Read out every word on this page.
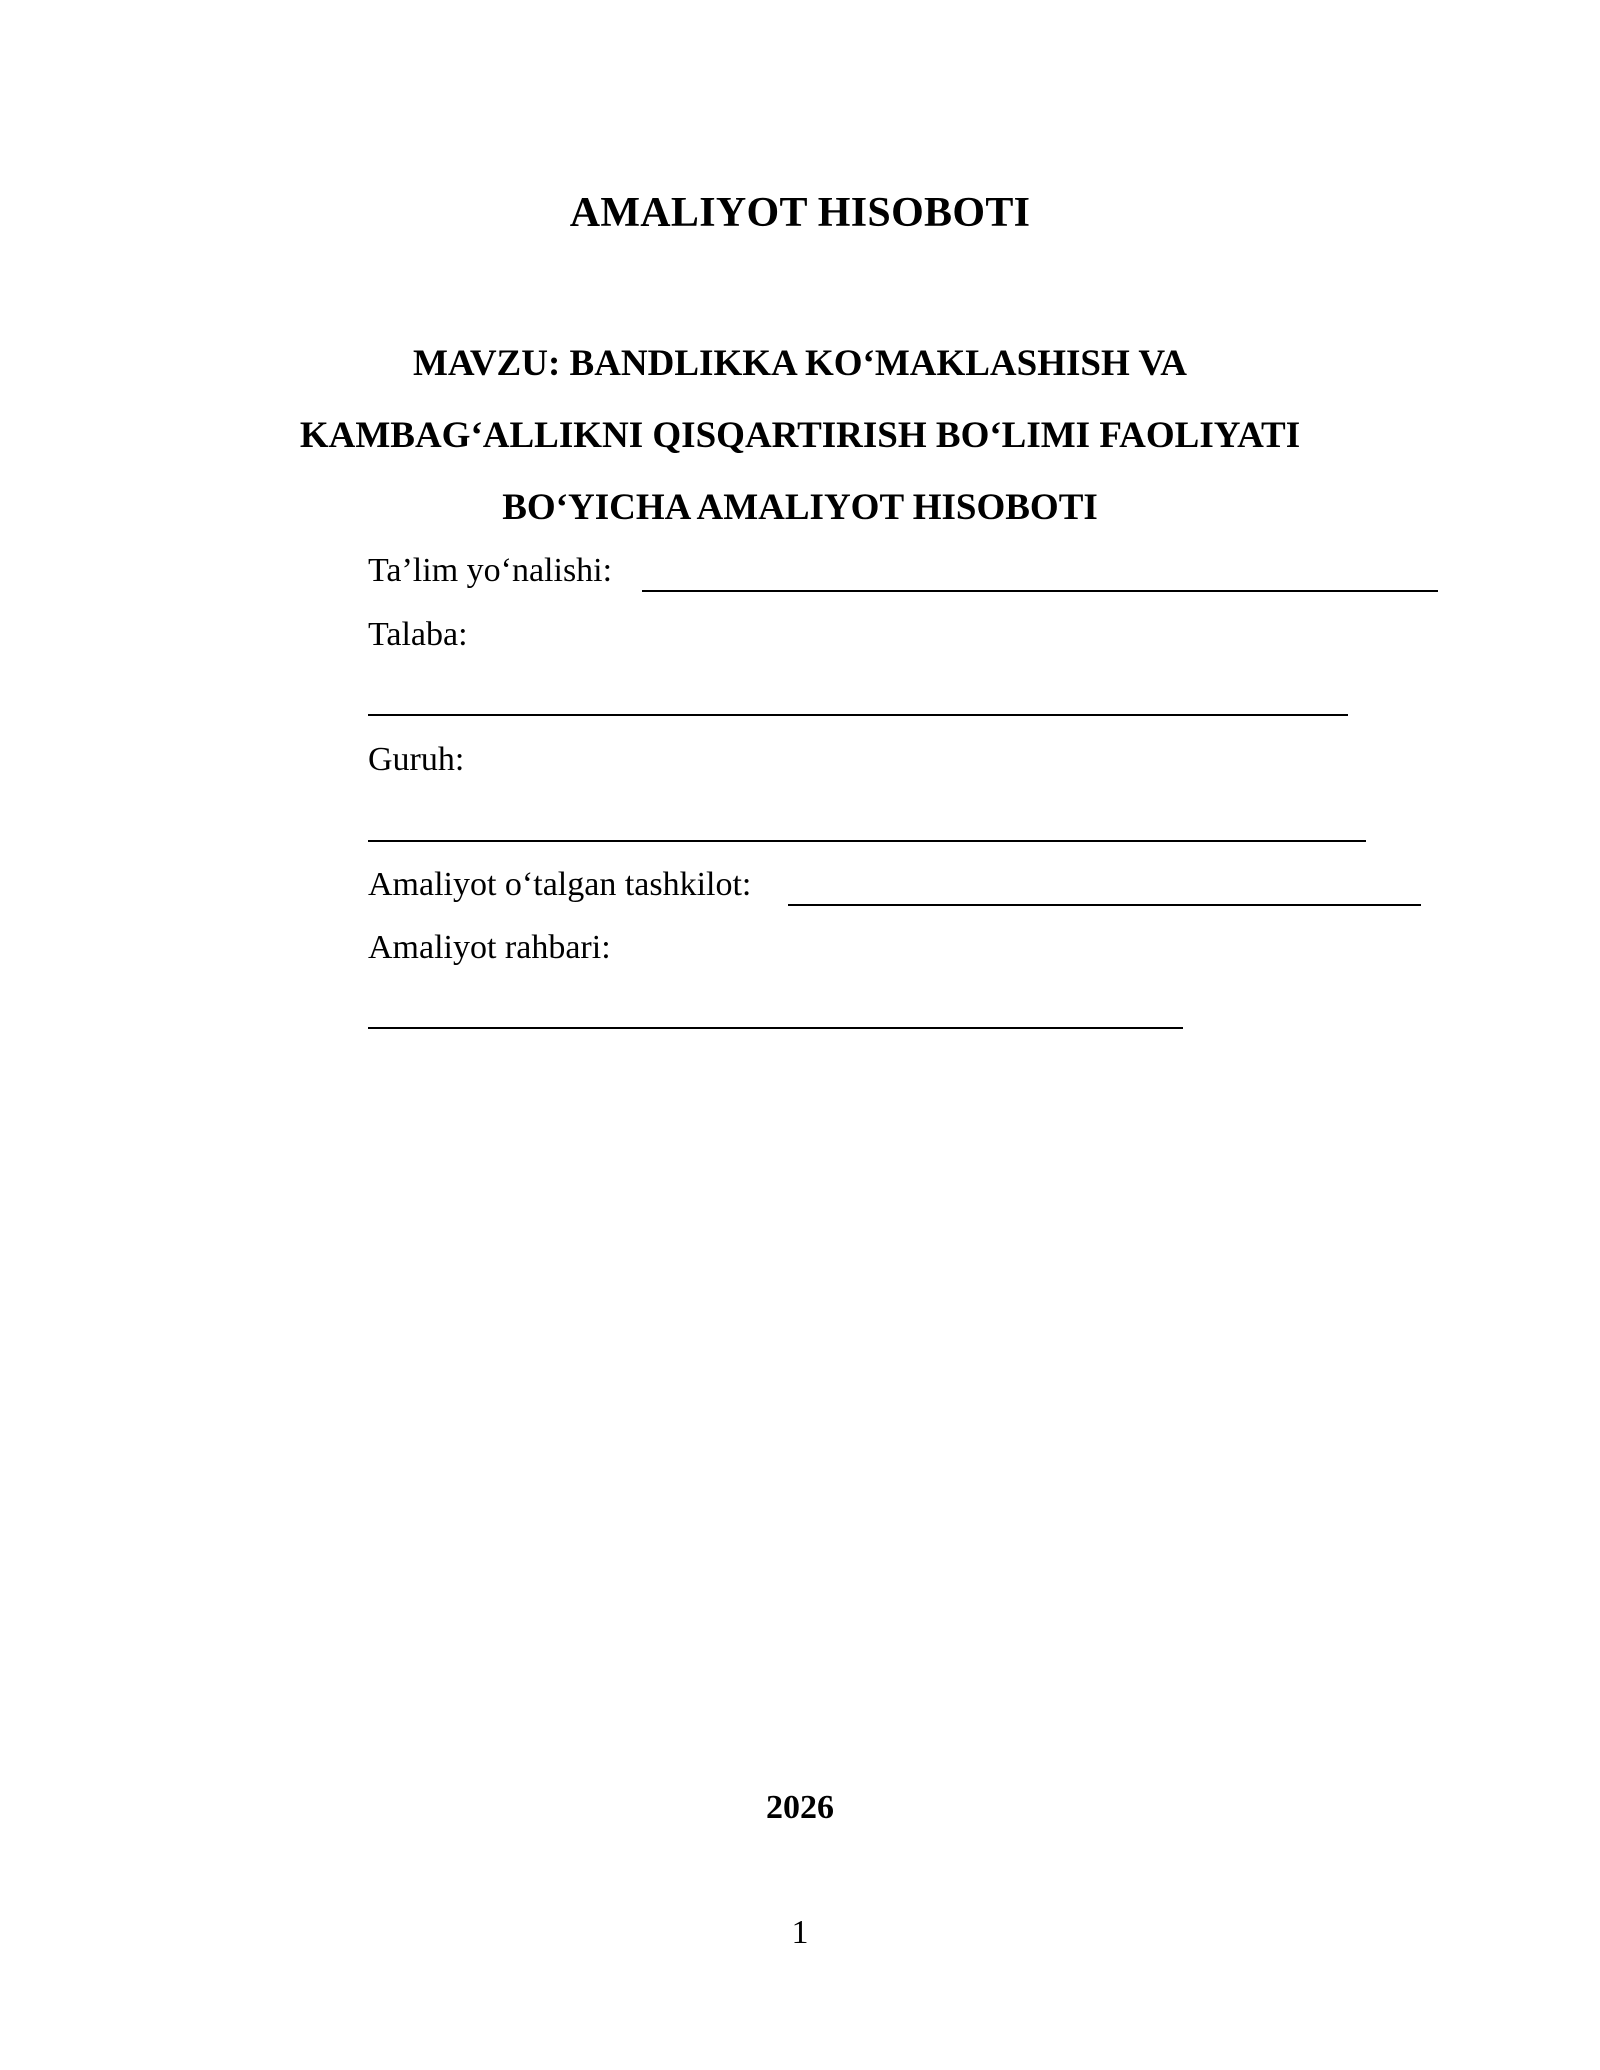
AMALIYOT HISOBOTI
MAVZU: BANDLIKKA KO‘MAKLASHISH VA
KAMBAG‘ALLIKNI QISQARTIRISH BO‘LIMI FAOLIYATI
BO‘YICHA AMALIYOT HISOBOTI
Ta’lim yo‘nalishi:
Talaba:
Guruh:
Amaliyot o‘talgan tashkilot:
Amaliyot rahbari:
2026
1
